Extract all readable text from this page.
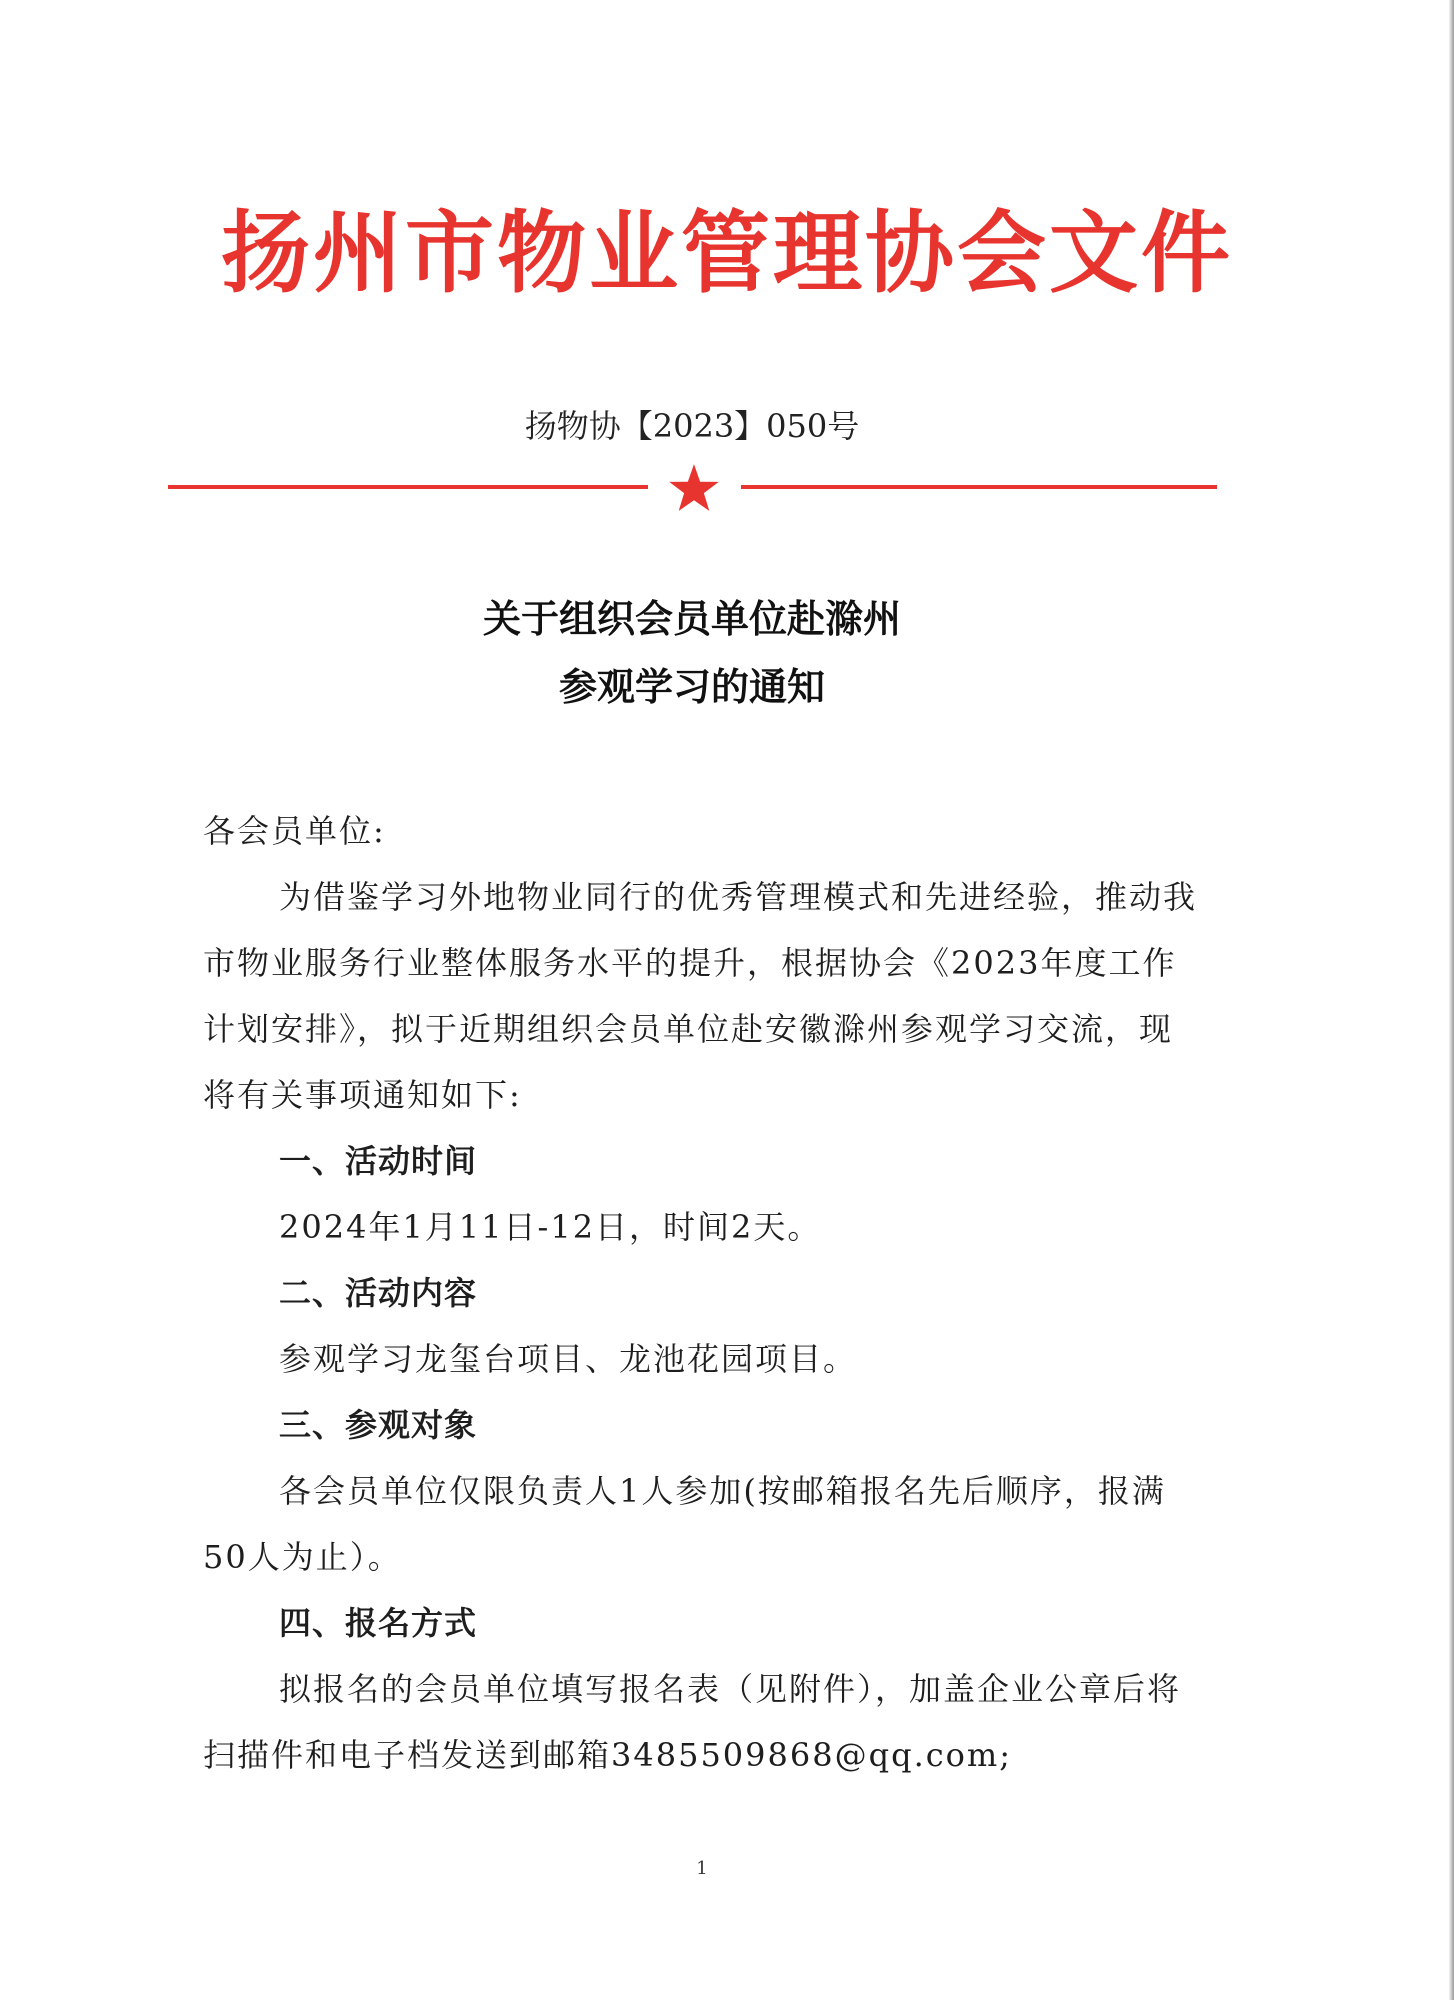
扬州市物业管理协会文件
扬物协【2023】050号
关于组织会员单位赴滁州
参观学习的通知
各会员单位:
为借鉴学习外地物业同行的优秀管理模式和先进经验，推动我市物业服务行业整体服务水平的提升，根据协会《2023年度工作计划安排》，拟于近期组织会员单位赴安徽滁州参观学习交流，现将有关事项通知如下:
一、活动时间
2024年1月11日-12日，时间2天。
二、活动内容
参观学习龙玺台项目、龙池花园项目。
三、参观对象
各会员单位仅限负责人1人参加(按邮箱报名先后顺序，报满50人为止）。
四、报名方式
拟报名的会员单位填写报名表（见附件），加盖企业公章后将扫描件和电子档发送到邮箱3485509868@qq.com;
1
